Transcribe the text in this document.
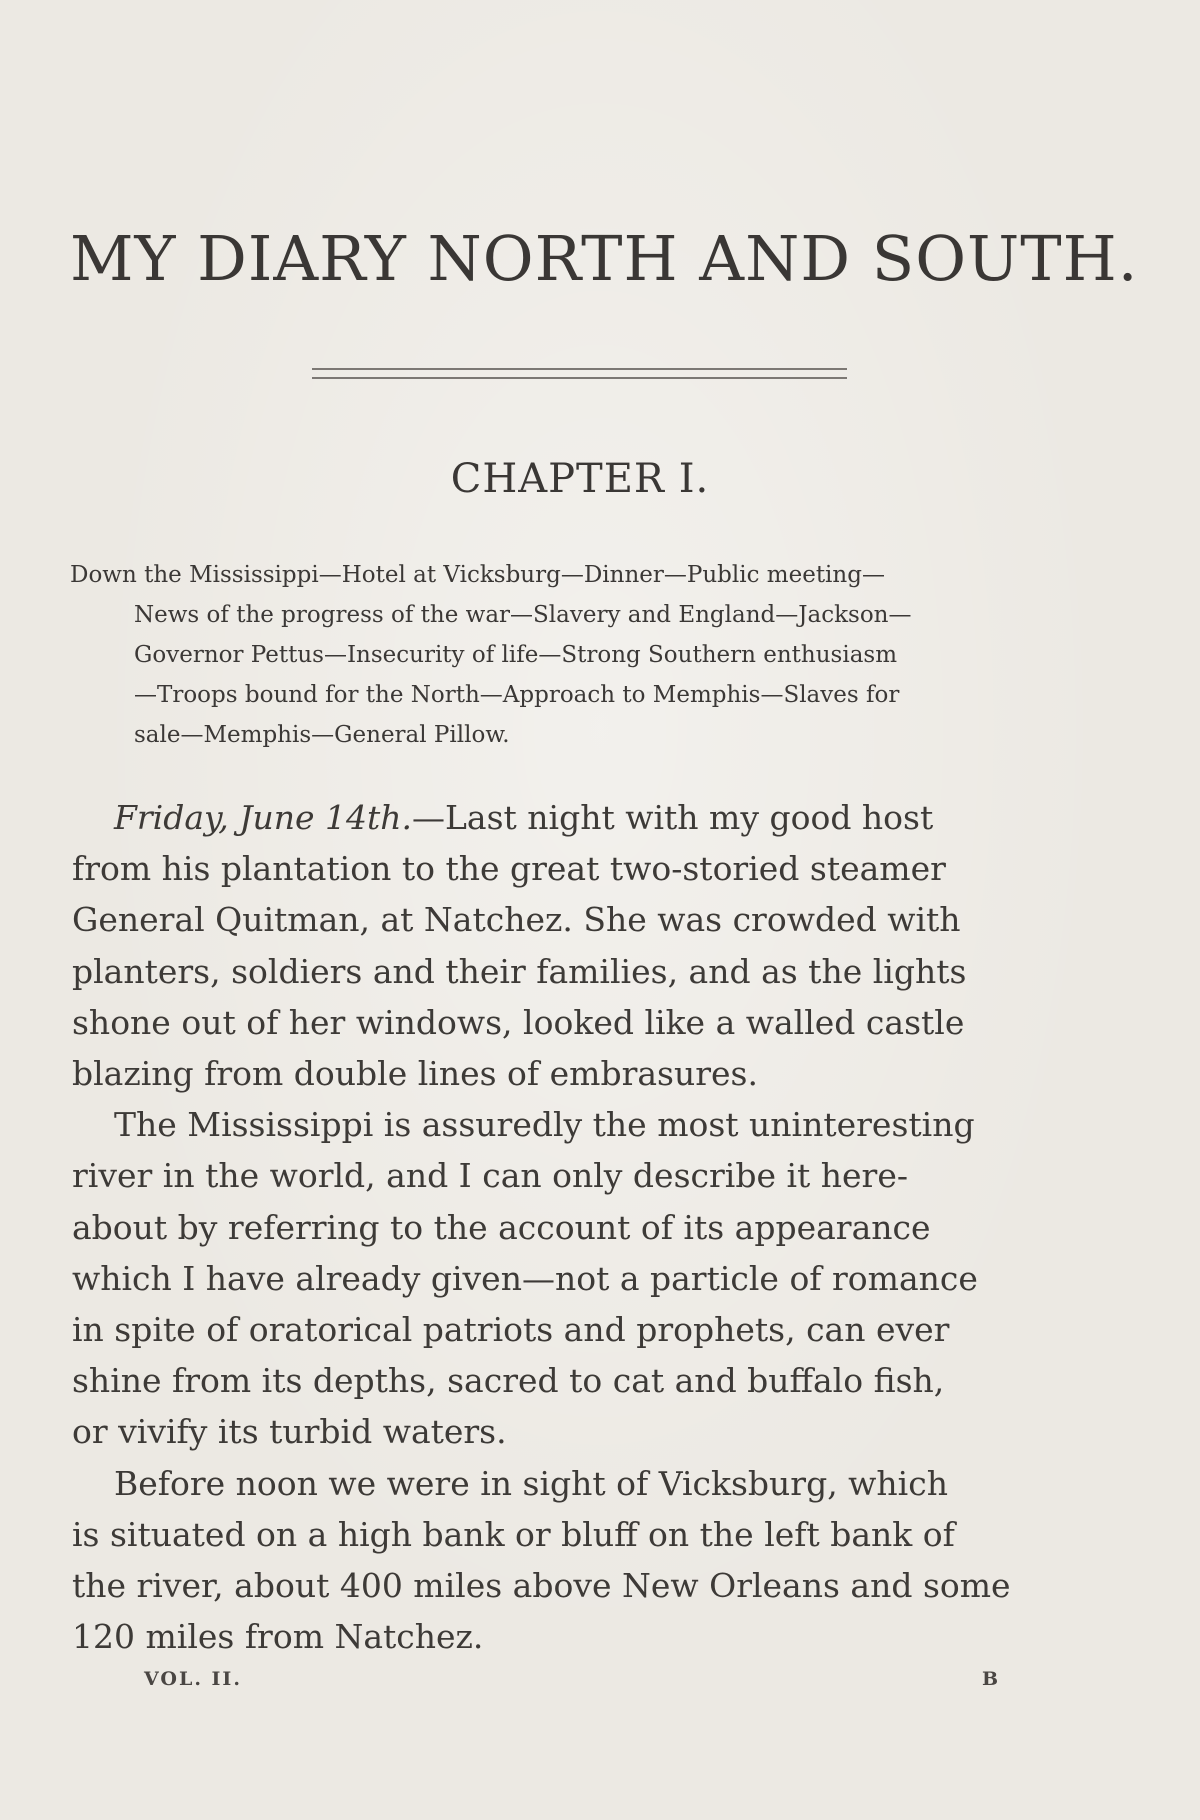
MY DIARY NORTH AND SOUTH.
CHAPTER I.
Down the Mississippi—Hotel at Vicksburg—Dinner—Public meeting—
News of the progress of the war—Slavery and England—Jackson—
Governor Pettus—Insecurity of life—Strong Southern enthusiasm
—Troops bound for the North—Approach to Memphis—Slaves for
sale—Memphis—General Pillow.
Friday, June 14th.—Last night with my good host
from his plantation to the great two-storied steamer
General Quitman, at Natchez. She was crowded with
planters, soldiers and their families, and as the lights
shone out of her windows, looked like a walled castle
blazing from double lines of embrasures.
The Mississippi is assuredly the most uninteresting
river in the world, and I can only describe it here-
about by referring to the account of its appearance
which I have already given—not a particle of romance
in spite of oratorical patriots and prophets, can ever
shine from its depths, sacred to cat and buffalo fish,
or vivify its turbid waters.
Before noon we were in sight of Vicksburg, which
is situated on a high bank or bluff on the left bank of
the river, about 400 miles above New Orleans and some
120 miles from Natchez.
VOL. II.	B
